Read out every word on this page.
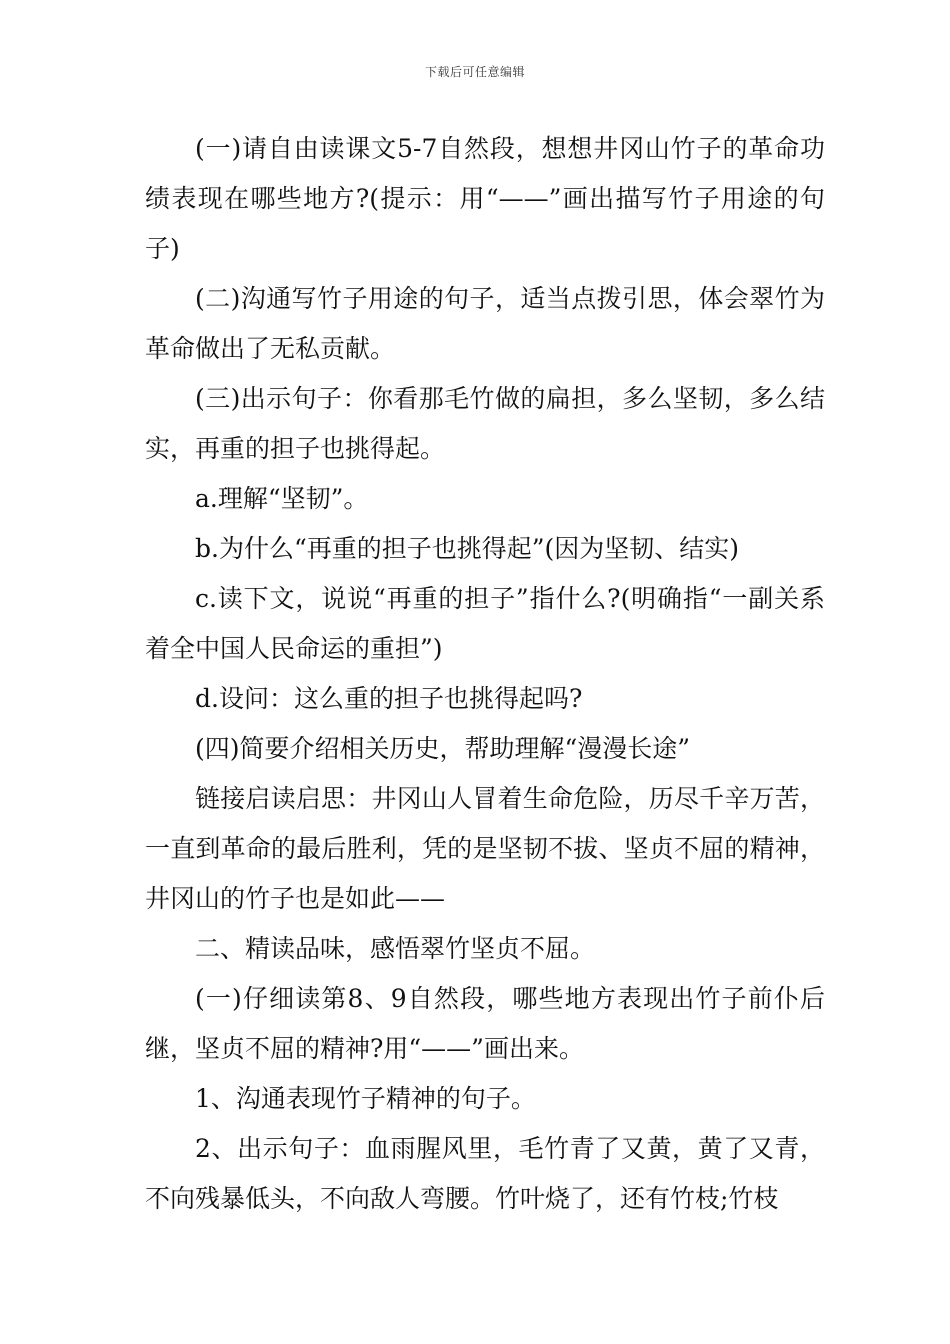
下载后可任意编辑

(一)请自由读课文5-7自然段，想想井冈山竹子的革命功绩表现在哪些地方?(提示：用“——”画出描写竹子用途的句子)

(二)沟通写竹子用途的句子，适当点拨引思，体会翠竹为革命做出了无私贡献。

(三)出示句子：你看那毛竹做的扁担，多么坚韧，多么结实，再重的担子也挑得起。

a.理解“坚韧”。

b.为什么“再重的担子也挑得起”(因为坚韧、结实)

c.读下文，说说“再重的担子”指什么?(明确指“一副关系着全中国人民命运的重担”)

d.设问：这么重的担子也挑得起吗?

(四)简要介绍相关历史，帮助理解“漫漫长途”

链接启读启思：井冈山人冒着生命危险，历尽千辛万苦，一直到革命的最后胜利，凭的是坚韧不拔、坚贞不屈的精神，井冈山的竹子也是如此——

二、精读品味，感悟翠竹坚贞不屈。

(一)仔细读第8、9自然段，哪些地方表现出竹子前仆后继，坚贞不屈的精神?用“——”画出来。

1、沟通表现竹子精神的句子。

2、出示句子：血雨腥风里，毛竹青了又黄，黄了又青，不向残暴低头，不向敌人弯腰。竹叶烧了，还有竹枝;竹枝
